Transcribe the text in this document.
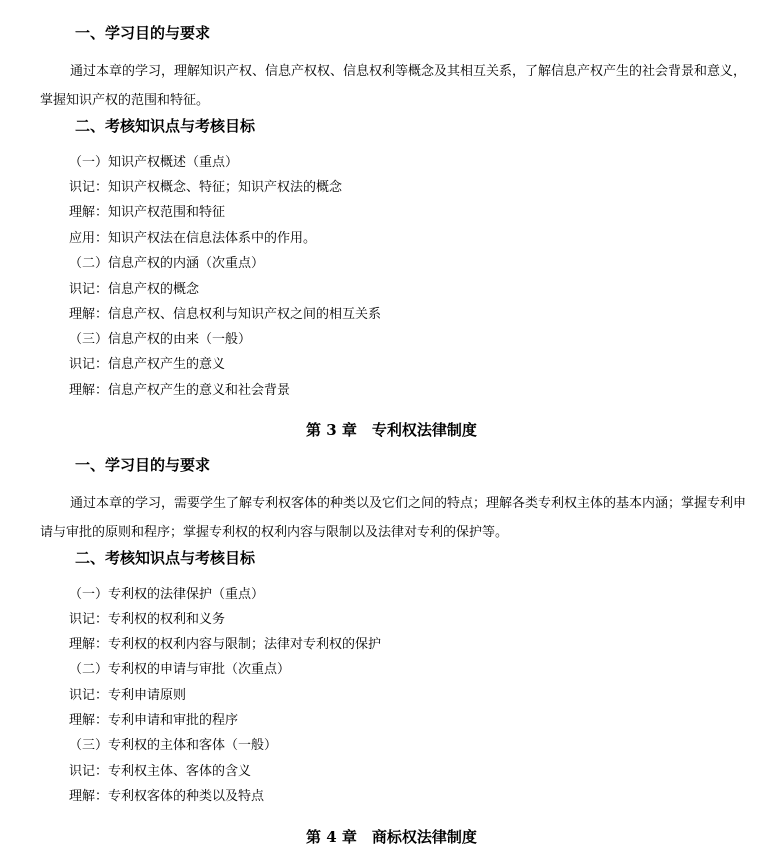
一、学习目的与要求
通过本章的学习，理解知识产权、信息产权权、信息权利等概念及其相互关系，了解信息产权产生的社会背景和意义，掌握知识产权的范围和特征。
二、考核知识点与考核目标
（一）知识产权概述（重点）
识记：知识产权概念、特征；知识产权法的概念
理解：知识产权范围和特征
应用：知识产权法在信息法体系中的作用。
（二）信息产权的内涵（次重点）
识记：信息产权的概念
理解：信息产权、信息权利与知识产权之间的相互关系
（三）信息产权的由来（一般）
识记：信息产权产生的意义
理解：信息产权产生的意义和社会背景
第 3 章　专利权法律制度
一、学习目的与要求
通过本章的学习，需要学生了解专利权客体的种类以及它们之间的特点；理解各类专利权主体的基本内涵；掌握专利申请与审批的原则和程序；掌握专利权的权利内容与限制以及法律对专利的保护等。
二、考核知识点与考核目标
（一）专利权的法律保护（重点）
识记：专利权的权利和义务
理解：专利权的权利内容与限制；法律对专利权的保护
（二）专利权的申请与审批（次重点）
识记：专利申请原则
理解：专利申请和审批的程序
（三）专利权的主体和客体（一般）
识记：专利权主体、客体的含义
理解：专利权客体的种类以及特点
第 4 章　商标权法律制度
